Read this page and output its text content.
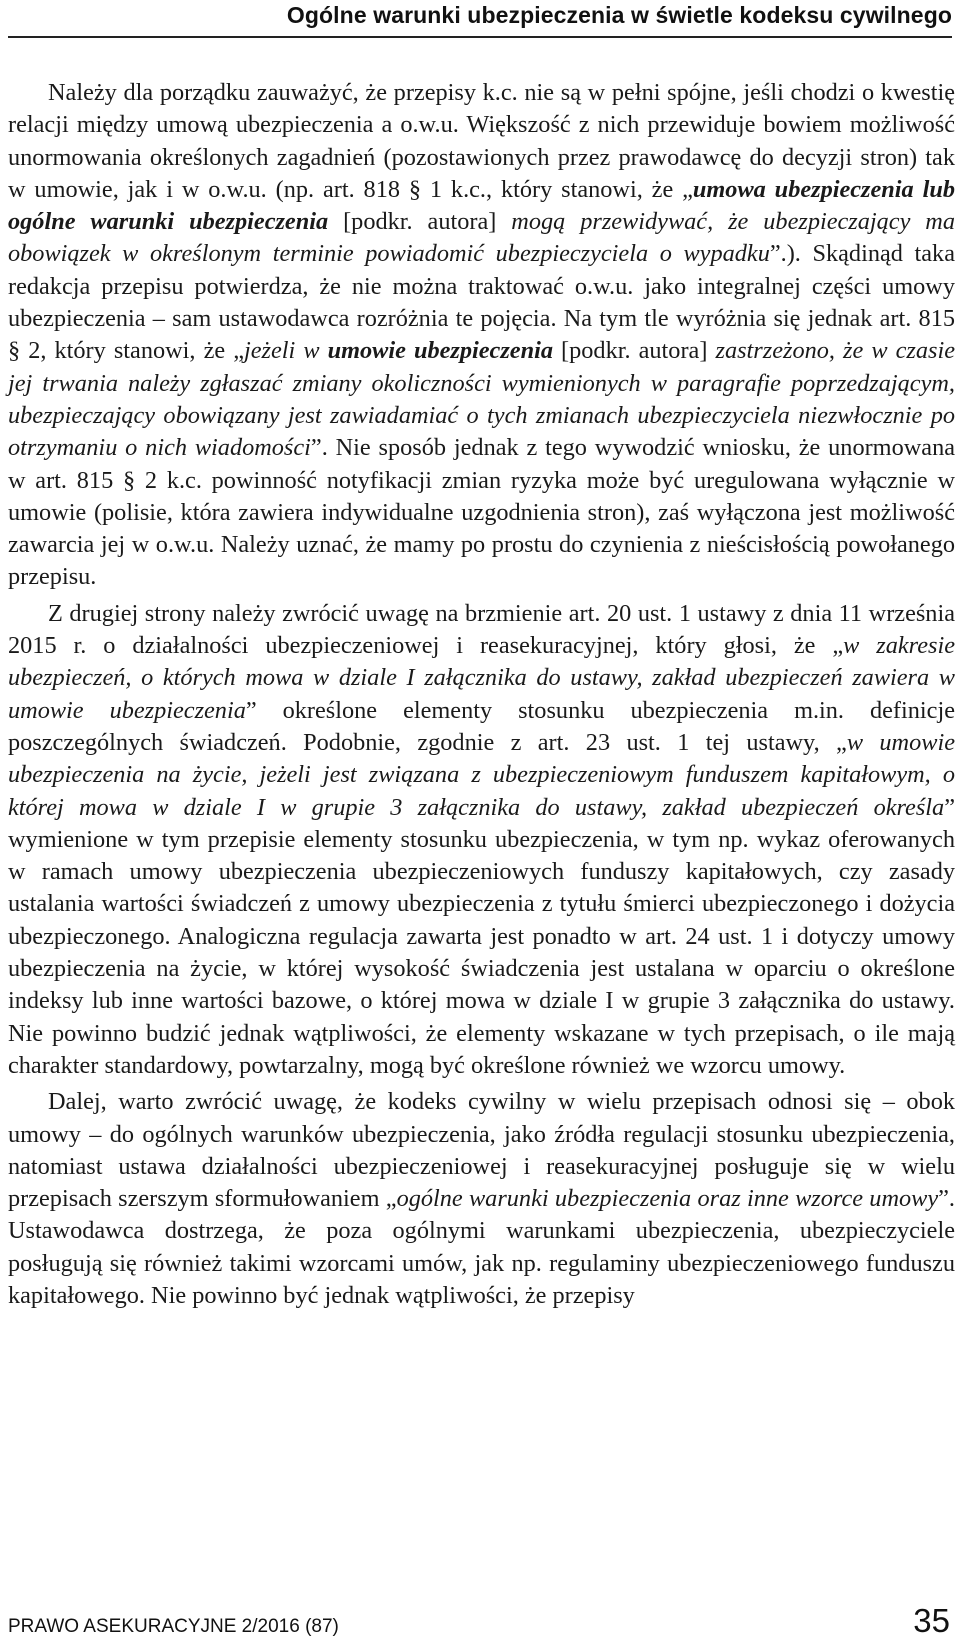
Ogólne warunki ubezpieczenia w świetle kodeksu cywilnego

Należy dla porządku zauważyć, że przepisy k.c. nie są w pełni spójne, jeśli chodzi o kwestię relacji między umową ubezpieczenia a o.w.u. Większość z nich przewiduje bowiem możliwość unormowania określonych zagadnień (pozostawionych przez prawodawcę do decyzji stron) tak w umowie, jak i w o.w.u. (np. art. 818 § 1 k.c., który stanowi, że „umowa ubezpieczenia lub ogólne warunki ubezpieczenia [podkr. autora] mogą przewidywać, że ubezpieczający ma obowiązek w określonym terminie powiadomić ubezpieczyciela o wypadku”.). Skądinąd taka redakcja przepisu potwierdza, że nie można traktować o.w.u. jako integralnej części umowy ubezpieczenia – sam ustawodawca rozróżnia te pojęcia. Na tym tle wyróżnia się jednak art. 815 § 2, który stanowi, że „jeżeli w umowie ubezpieczenia [podkr. autora] zastrzeżono, że w czasie jej trwania należy zgłaszać zmiany okoliczności wymienionych w paragrafie poprzedzającym, ubezpieczający obowiązany jest zawiadamiać o tych zmianach ubezpieczyciela niezwłocznie po otrzymaniu o nich wiadomości”. Nie sposób jednak z tego wywodzić wniosku, że unormowana w art. 815 § 2 k.c. powinność notyfikacji zmian ryzyka może być uregulowana wyłącznie w umowie (polisie, która zawiera indywidualne uzgodnienia stron), zaś wyłączona jest możliwość zawarcia jej w o.w.u. Należy uznać, że mamy po prostu do czynienia z nieścisłością powołanego przepisu.

Z drugiej strony należy zwrócić uwagę na brzmienie art. 20 ust. 1 ustawy z dnia 11 września 2015 r. o działalności ubezpieczeniowej i reasekuracyjnej, który głosi, że „w zakresie ubezpieczeń, o których mowa w dziale I załącznika do ustawy, zakład ubezpieczeń zawiera w umowie ubezpieczenia” określone elementy stosunku ubezpieczenia m.in. definicje poszczególnych świadczeń. Podobnie, zgodnie z art. 23 ust. 1 tej ustawy, „w umowie ubezpieczenia na życie, jeżeli jest związana z ubezpieczeniowym funduszem kapitałowym, o której mowa w dziale I w grupie 3 załącznika do ustawy, zakład ubezpieczeń określa” wymienione w tym przepisie elementy stosunku ubezpieczenia, w tym np. wykaz oferowanych w ramach umowy ubezpieczenia ubezpieczeniowych funduszy kapitałowych, czy zasady ustalania wartości świadczeń z umowy ubezpieczenia z tytułu śmierci ubezpieczonego i dożycia ubezpieczonego. Analogiczna regulacja zawarta jest ponadto w art. 24 ust. 1 i dotyczy umowy ubezpieczenia na życie, w której wysokość świadczenia jest ustalana w oparciu o określone indeksy lub inne wartości bazowe, o której mowa w dziale I w grupie 3 załącznika do ustawy. Nie powinno budzić jednak wątpliwości, że elementy wskazane w tych przepisach, o ile mają charakter standardowy, powtarzalny, mogą być określone również we wzorcu umowy.

Dalej, warto zwrócić uwagę, że kodeks cywilny w wielu przepisach odnosi się – obok umowy – do ogólnych warunków ubezpieczenia, jako źródła regulacji stosunku ubezpieczenia, natomiast ustawa działalności ubezpieczeniowej i reasekuracyjnej posługuje się w wielu przepisach szerszym sformułowaniem „ogólne warunki ubezpieczenia oraz inne wzorce umowy”. Ustawodawca dostrzega, że poza ogólnymi warunkami ubezpieczenia, ubezpieczyciele posługują się również takimi wzorcami umów, jak np. regulaminy ubezpieczeniowego funduszu kapitałowego. Nie powinno być jednak wątpliwości, że przepisy

PRAWO ASEKURACYJNE 2/2016 (87)	35
